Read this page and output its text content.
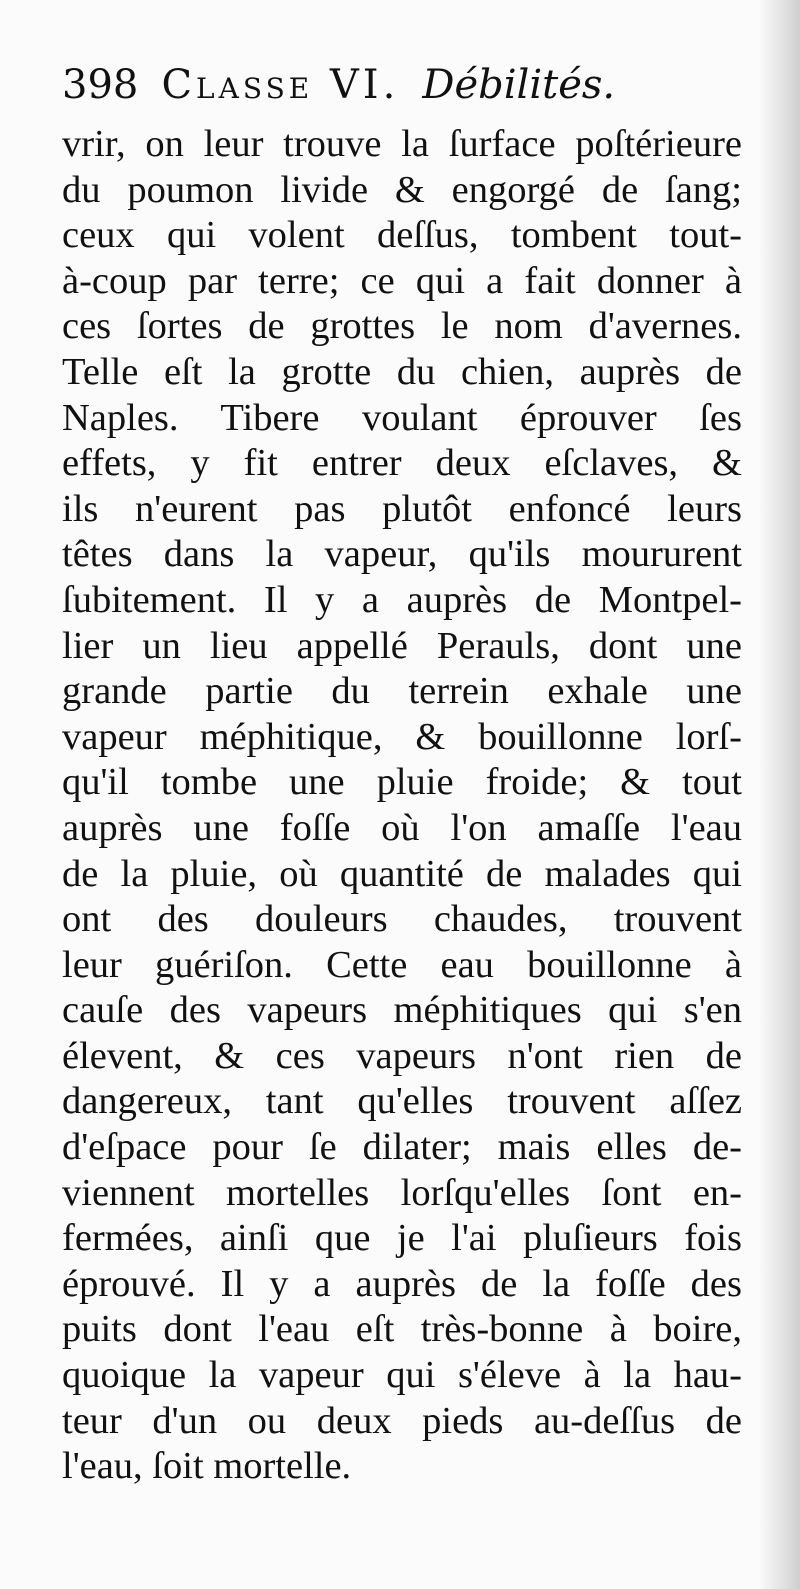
398 Classe VI. Débilités.
vrir, on leur trouve la ſurface poſtérieure
du poumon livide & engorgé de ſang;
ceux qui volent deſſus, tombent tout-
à-coup par terre; ce qui a fait donner à
ces ſortes de grottes le nom d'avernes.
Telle eſt la grotte du chien, auprès de
Naples. Tibere voulant éprouver ſes
effets, y fit entrer deux eſclaves, &
ils n'eurent pas plutôt enfoncé leurs
têtes dans la vapeur, qu'ils moururent
ſubitement. Il y a auprès de Montpel-
lier un lieu appellé Perauls, dont une
grande partie du terrein exhale une
vapeur méphitique, & bouillonne lorſ-
qu'il tombe une pluie froide; & tout
auprès une foſſe où l'on amaſſe l'eau
de la pluie, où quantité de malades qui
ont des douleurs chaudes, trouvent
leur guériſon. Cette eau bouillonne à
cauſe des vapeurs méphitiques qui s'en
élevent, & ces vapeurs n'ont rien de
dangereux, tant qu'elles trouvent aſſez
d'eſpace pour ſe dilater; mais elles de-
viennent mortelles lorſqu'elles ſont en-
fermées, ainſi que je l'ai pluſieurs fois
éprouvé. Il y a auprès de la foſſe des
puits dont l'eau eſt très-bonne à boire,
quoique la vapeur qui s'éleve à la hau-
teur d'un ou deux pieds au-deſſus de
l'eau, ſoit mortelle.
